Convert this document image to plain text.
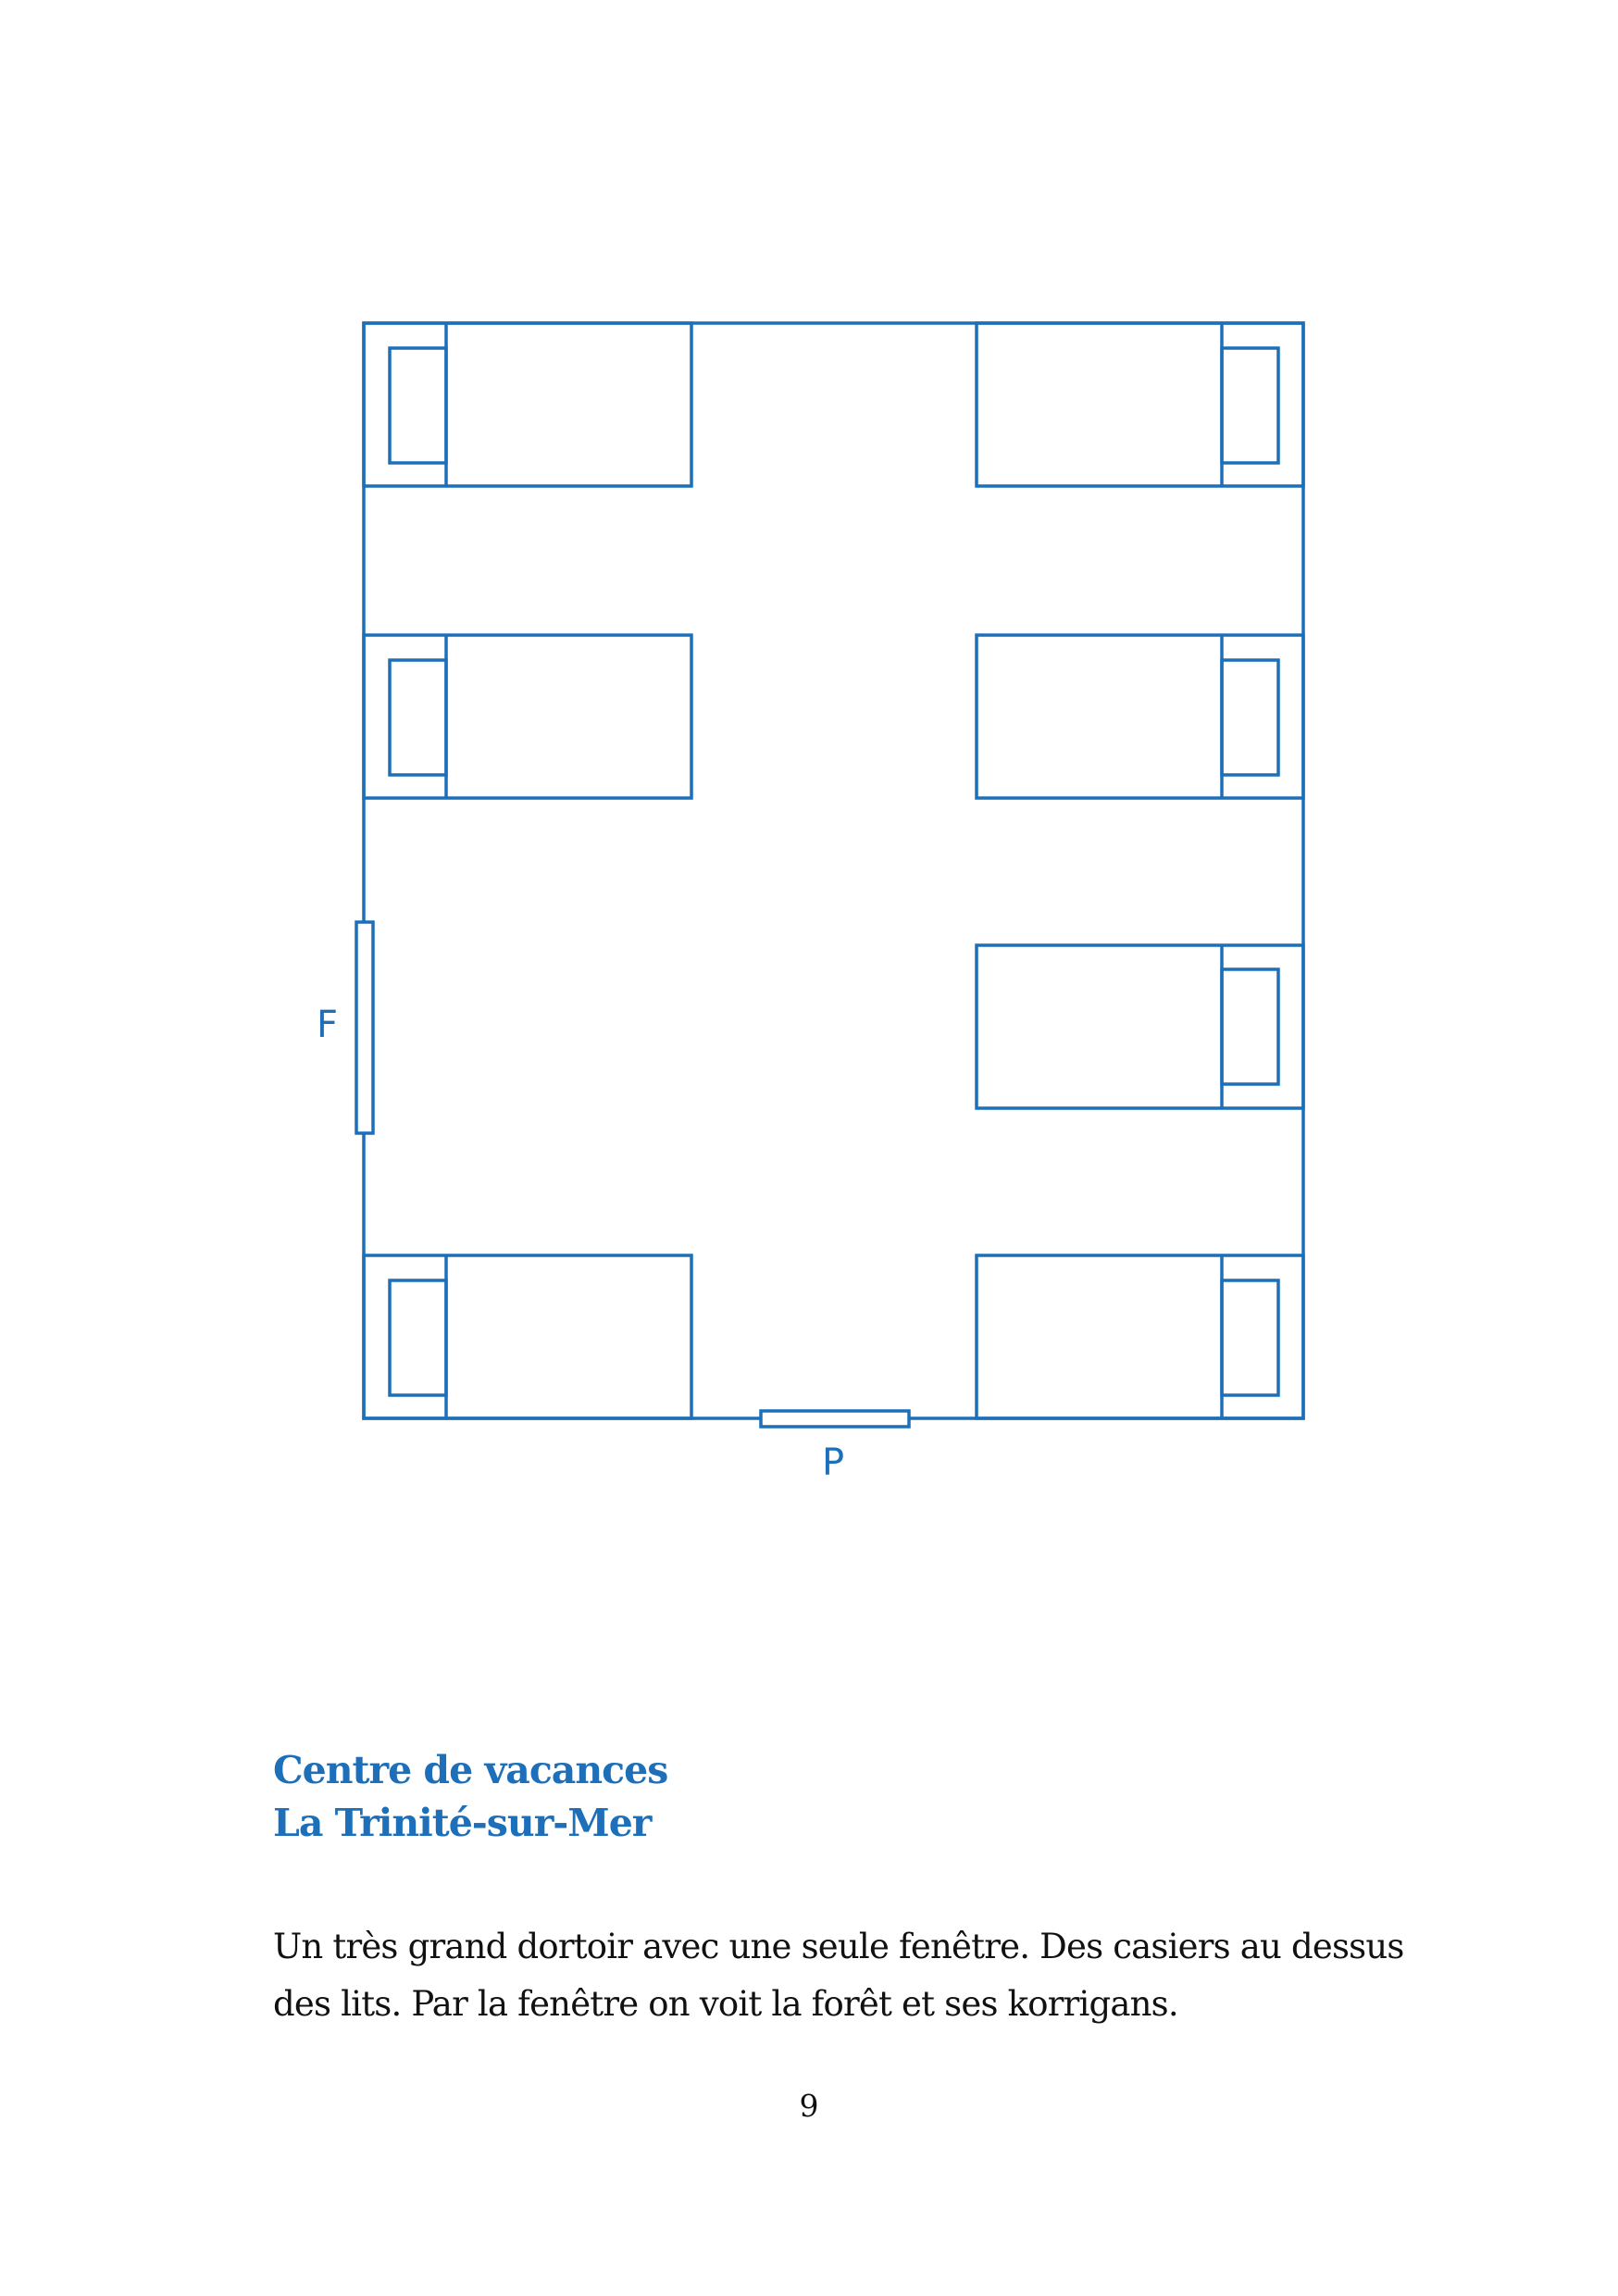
F
P
Centre de vacances
La Trinité-sur-Mer
Un très grand dortoir avec une seule fenêtre. Des casiers au dessus des lits. Par la fenêtre on voit la forêt et ses korrigans.
9
